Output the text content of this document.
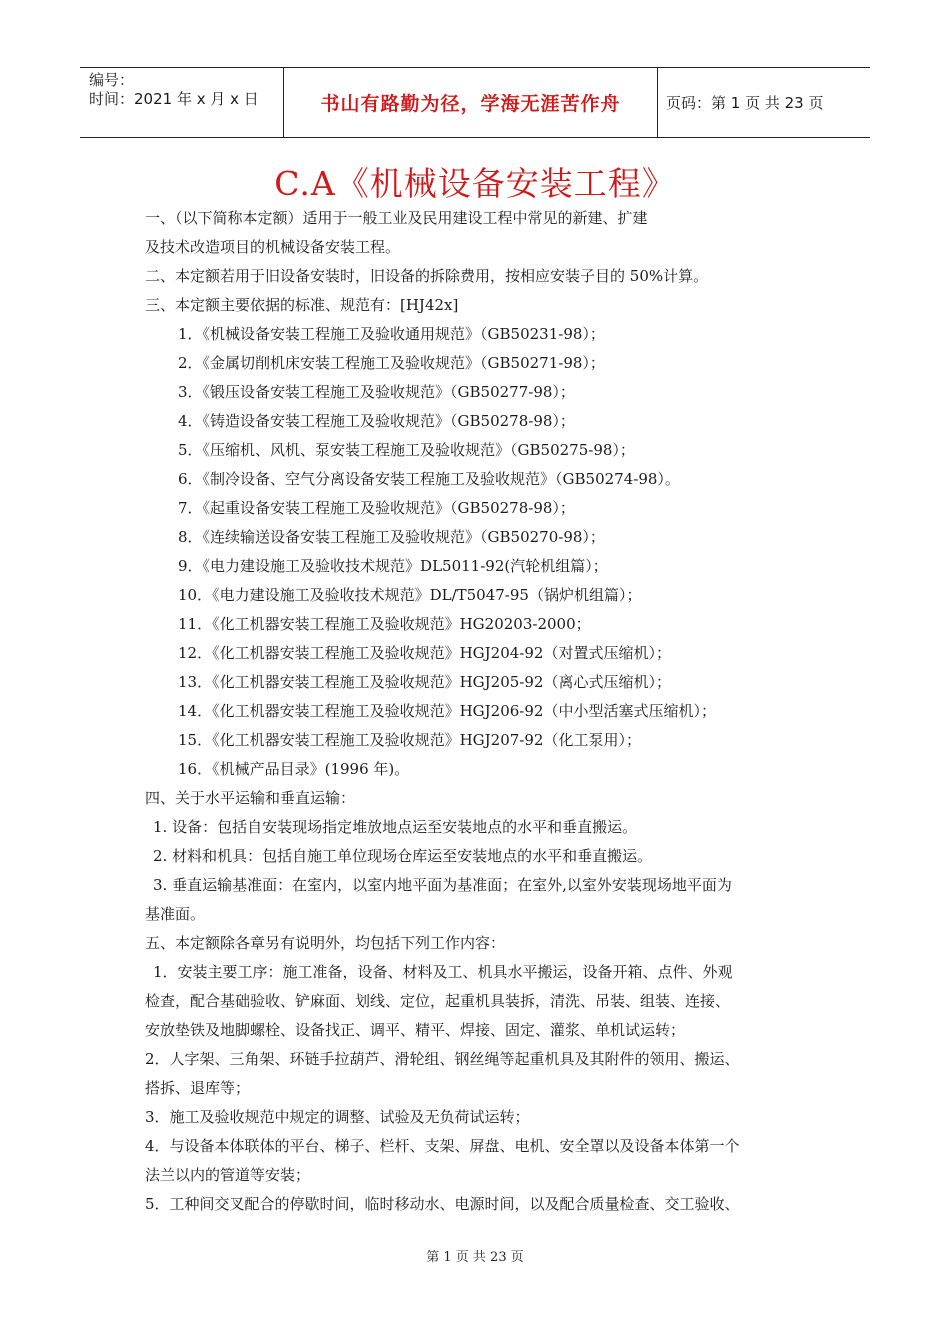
编号：
时间：2021 年 x 月 x 日	书山有路勤为径，学海无涯苦作舟	页码：第 1 页 共 23 页
C.A《机械设备安装工程》
一、（以下简称本定额）适用于一般工业及民用建设工程中常见的新建、扩建
及技术改造项目的机械设备安装工程。
二、本定额若用于旧设备安装时，旧设备的拆除费用，按相应安装子目的 50%计算。
三、本定额主要依据的标准、规范有：[HJ42x]
1．《机械设备安装工程施工及验收通用规范》（GB50231-98）；
2．《金属切削机床安装工程施工及验收规范》（GB50271-98）；
3．《锻压设备安装工程施工及验收规范》（GB50277-98）；
4．《铸造设备安装工程施工及验收规范》（GB50278-98）；
5．《压缩机、风机、泵安装工程施工及验收规范》（GB50275-98）；
6．《制冷设备、空气分离设备安装工程施工及验收规范》（GB50274-98）。
7．《起重设备安装工程施工及验收规范》（GB50278-98）；
8．《连续输送设备安装工程施工及验收规范》（GB50270-98）；
9．《电力建设施工及验收技术规范》DL5011-92(汽轮机组篇）；
10．《电力建设施工及验收技术规范》DL/T5047-95（锅炉机组篇）；
11．《化工机器安装工程施工及验收规范》HG20203-2000；
12．《化工机器安装工程施工及验收规范》HGJ204-92（对置式压缩机）；
13．《化工机器安装工程施工及验收规范》HGJ205-92（离心式压缩机）；
14．《化工机器安装工程施工及验收规范》HGJ206-92（中小型活塞式压缩机）；
15．《化工机器安装工程施工及验收规范》HGJ207-92（化工泵用）；
16．《机械产品目录》(1996 年)。
四、关于水平运输和垂直运输：
1. 设备：包括自安装现场指定堆放地点运至安装地点的水平和垂直搬运。
2. 材料和机具：包括自施工单位现场仓库运至安装地点的水平和垂直搬运。
3. 垂直运输基准面：在室内，以室内地平面为基准面；在室外,以室外安装现场地平面为
基准面。
五、本定额除各章另有说明外，均包括下列工作内容：
1．安装主要工序：施工准备，设备、材料及工、机具水平搬运，设备开箱、点件、外观
检查，配合基础验收、铲麻面、划线、定位，起重机具装拆，清洗、吊装、组装、连接、
安放垫铁及地脚螺栓、设备找正、调平、精平、焊接、固定、灌浆、单机试运转；
2．人字架、三角架、环链手拉葫芦、滑轮组、钢丝绳等起重机具及其附件的领用、搬运、
搭拆、退库等；
3．施工及验收规范中规定的调整、试验及无负荷试运转；
4．与设备本体联体的平台、梯子、栏杆、支架、屏盘、电机、安全罩以及设备本体第一个
法兰以内的管道等安装；
5．工种间交叉配合的停歇时间，临时移动水、电源时间，以及配合质量检查、交工验收、
第 1 页 共 23 页
